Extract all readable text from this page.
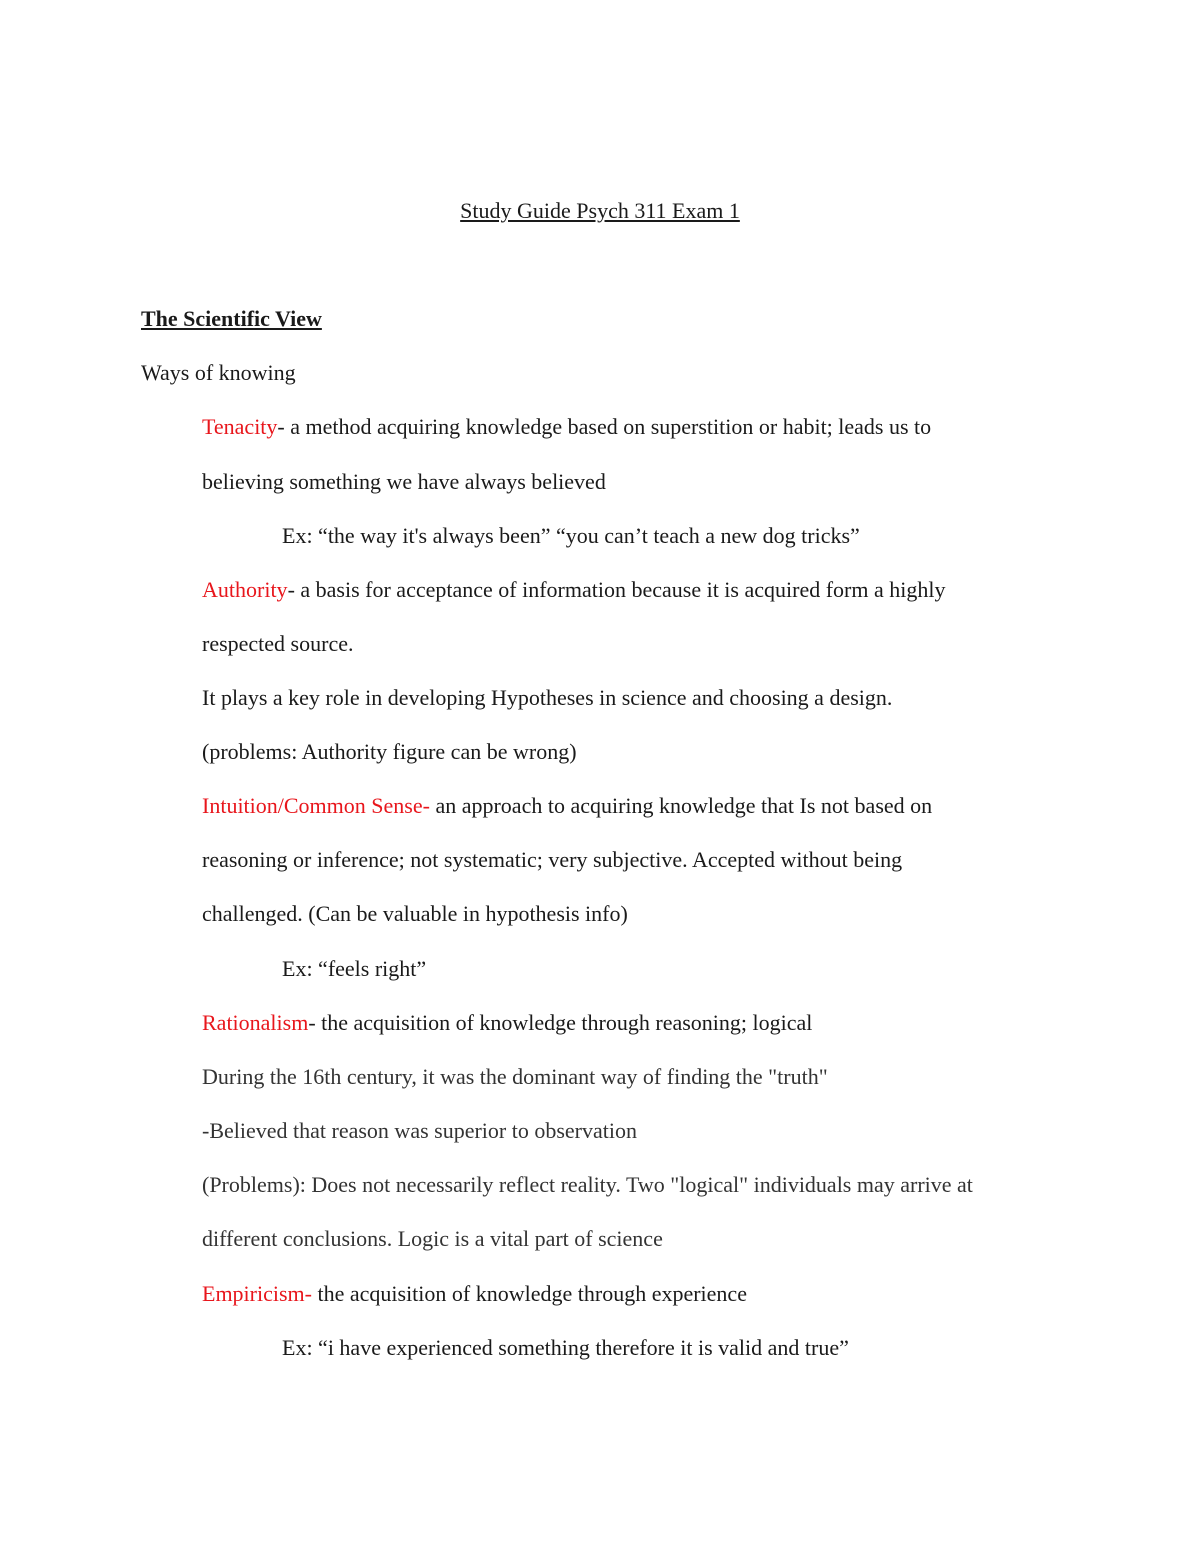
Study Guide Psych 311 Exam 1
The Scientific View
Ways of knowing
Tenacity- a method acquiring knowledge based on superstition or habit; leads us to
believing something we have always believed
Ex: “the way it's always been” “you can’t teach a new dog tricks”
Authority- a basis for acceptance of information because it is acquired form a highly
respected source.
It plays a key role in developing Hypotheses in science and choosing a design.
(problems: Authority figure can be wrong)
Intuition/Common Sense- an approach to acquiring knowledge that Is not based on
reasoning or inference; not systematic; very subjective. Accepted without being
challenged. (Can be valuable in hypothesis info)
Ex: “feels right”
Rationalism- the acquisition of knowledge through reasoning; logical
During the 16th century, it was the dominant way of finding the "truth"
-Believed that reason was superior to observation
(Problems): Does not necessarily reflect reality. Two "logical" individuals may arrive at
different conclusions. Logic is a vital part of science
Empiricism- the acquisition of knowledge through experience
Ex: “i have experienced something therefore it is valid and true”
